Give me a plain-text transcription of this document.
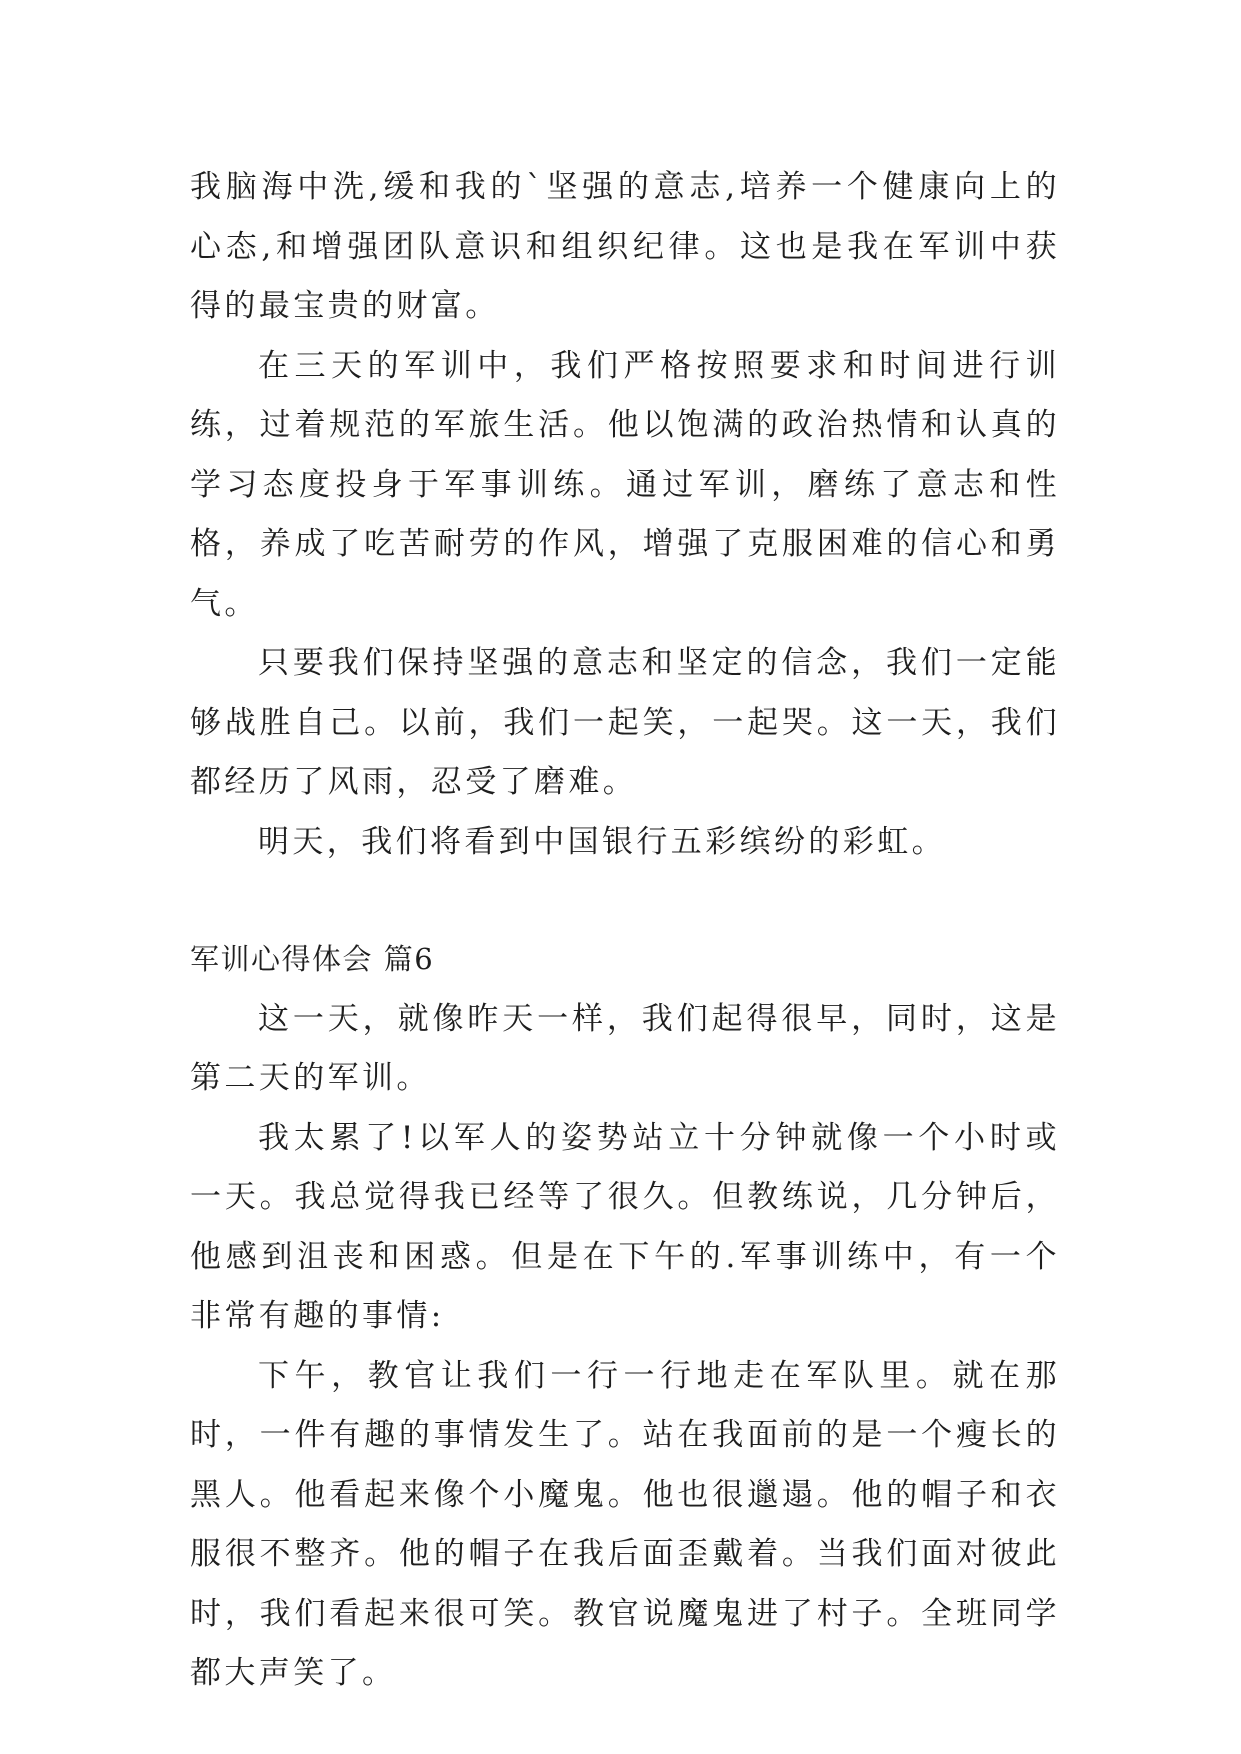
我脑海中洗,缓和我的`坚强的意志,培养一个健康向上的心态,和增强团队意识和组织纪律。这也是我在军训中获得的最宝贵的财富。

在三天的军训中，我们严格按照要求和时间进行训练，过着规范的军旅生活。他以饱满的政治热情和认真的学习态度投身于军事训练。通过军训，磨练了意志和性格，养成了吃苦耐劳的作风，增强了克服困难的信心和勇气。

只要我们保持坚强的意志和坚定的信念，我们一定能够战胜自己。以前，我们一起笑，一起哭。这一天，我们都经历了风雨，忍受了磨难。

明天，我们将看到中国银行五彩缤纷的彩虹。

军训心得体会 篇6

这一天，就像昨天一样，我们起得很早，同时，这是第二天的军训。

我太累了!以军人的姿势站立十分钟就像一个小时或一天。我总觉得我已经等了很久。但教练说，几分钟后，他感到沮丧和困惑。但是在下午的.军事训练中，有一个非常有趣的事情:

下午，教官让我们一行一行地走在军队里。就在那时，一件有趣的事情发生了。站在我面前的是一个瘦长的黑人。他看起来像个小魔鬼。他也很邋遢。他的帽子和衣服很不整齐。他的帽子在我后面歪戴着。当我们面对彼此时，我们看起来很可笑。教官说魔鬼进了村子。全班同学都大声笑了。
